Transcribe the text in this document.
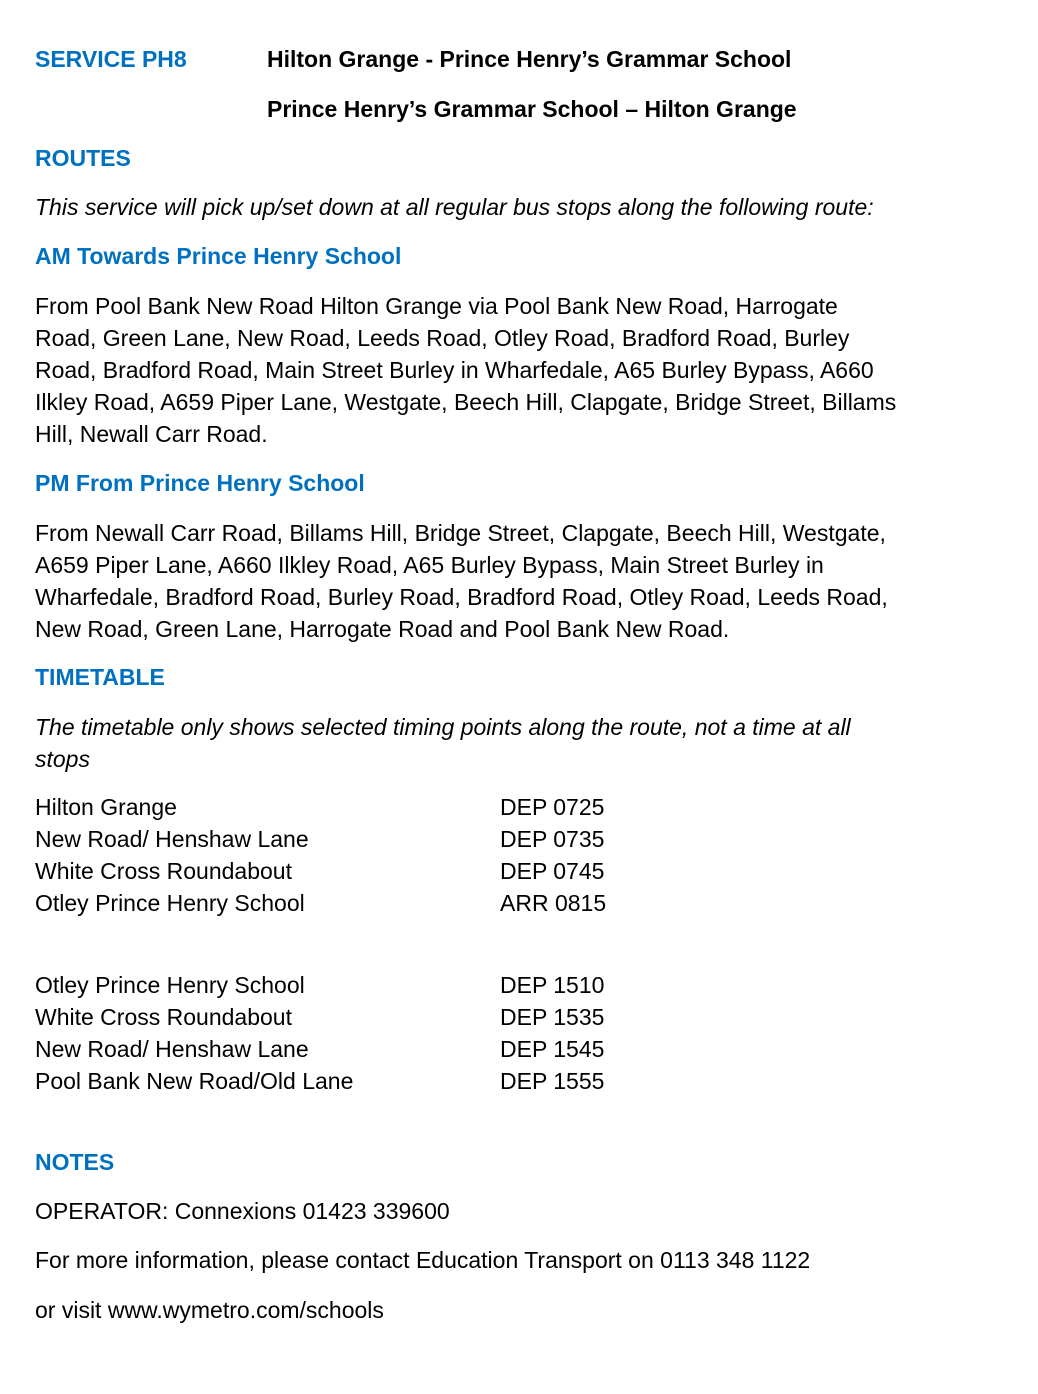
SERVICE PH8	Hilton Grange - Prince Henry’s Grammar School
Prince Henry’s Grammar School – Hilton Grange
ROUTES
This service will pick up/set down at all regular bus stops along the following route:
AM Towards Prince Henry School
From Pool Bank New Road Hilton Grange via Pool Bank New Road, Harrogate
Road, Green Lane, New Road, Leeds Road, Otley Road, Bradford Road, Burley
Road, Bradford Road, Main Street Burley in Wharfedale, A65 Burley Bypass, A660
Ilkley Road, A659 Piper Lane, Westgate, Beech Hill, Clapgate, Bridge Street, Billams
Hill, Newall Carr Road.
PM From Prince Henry School
From Newall Carr Road, Billams Hill, Bridge Street, Clapgate, Beech Hill, Westgate,
A659 Piper Lane, A660 Ilkley Road, A65 Burley Bypass, Main Street Burley in
Wharfedale, Bradford Road, Burley Road, Bradford Road, Otley Road, Leeds Road,
New Road, Green Lane, Harrogate Road and Pool Bank New Road.
TIMETABLE
The timetable only shows selected timing points along the route, not a time at all
stops
Hilton Grange	DEP 0725
New Road/ Henshaw Lane	DEP 0735
White Cross Roundabout	DEP 0745
Otley Prince Henry School	ARR 0815
Otley Prince Henry School	DEP 1510
White Cross Roundabout	DEP 1535
New Road/ Henshaw Lane	DEP 1545
Pool Bank New Road/Old Lane	DEP 1555
NOTES
OPERATOR: Connexions 01423 339600
For more information, please contact Education Transport on 0113 348 1122
or visit www.wymetro.com/schools
